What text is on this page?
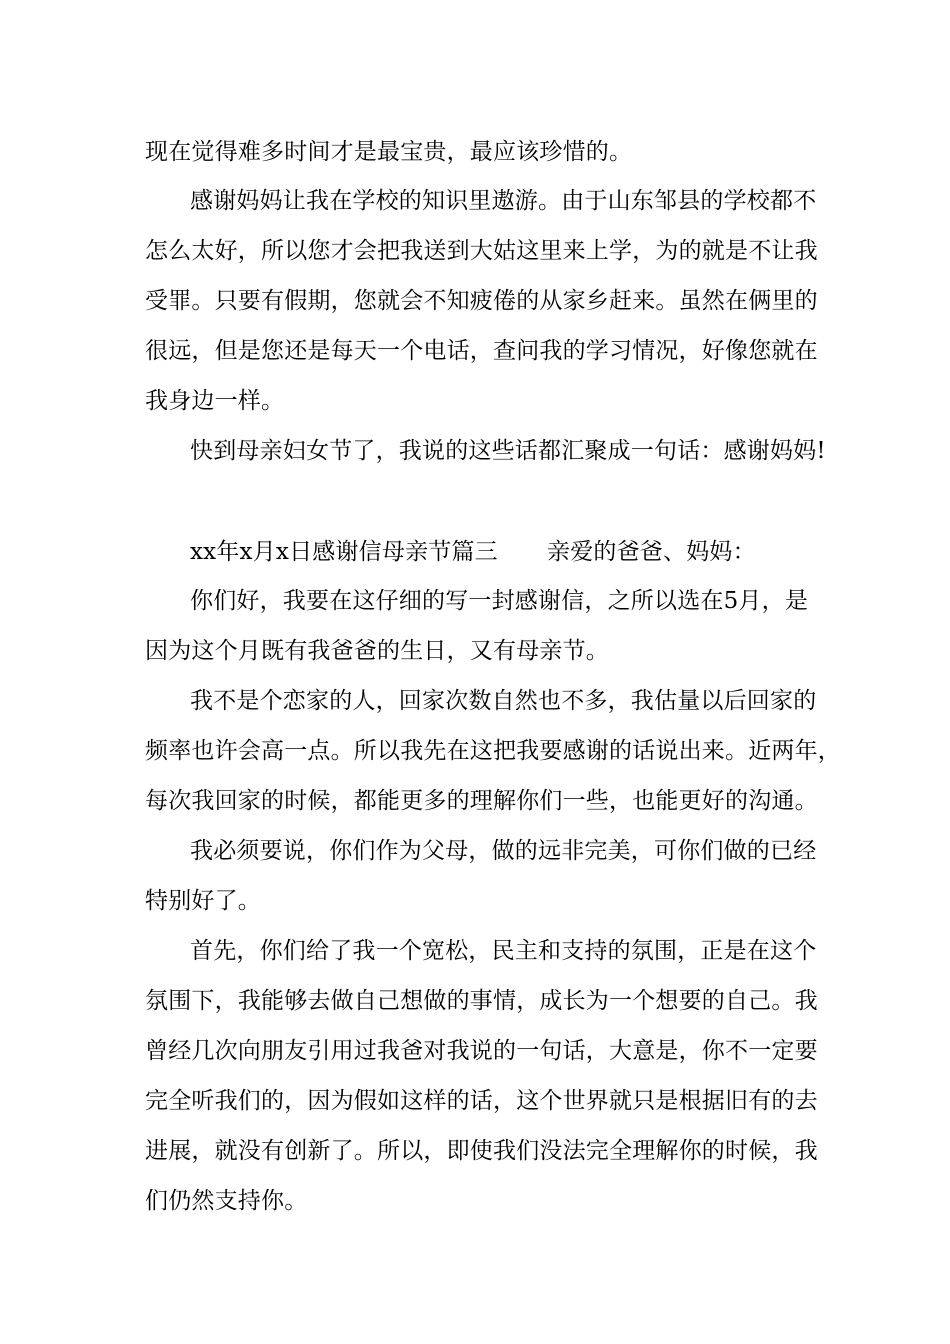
现在觉得难多时间才是最宝贵，最应该珍惜的。
感谢妈妈让我在学校的知识里遨游。由于山东邹县的学校都不
怎么太好，所以您才会把我送到大姑这里来上学，为的就是不让我
受罪。只要有假期，您就会不知疲倦的从家乡赶来。虽然在俩里的
很远，但是您还是每天一个电话，查问我的学习情况，好像您就在
我身边一样。
快到母亲妇女节了，我说的这些话都汇聚成一句话：感谢妈妈!
xx年x月x日感谢信母亲节篇三 亲爱的爸爸、妈妈：
你们好，我要在这仔细的写一封感谢信，之所以选在5月，是
因为这个月既有我爸爸的生日，又有母亲节。
我不是个恋家的人，回家次数自然也不多，我估量以后回家的
频率也许会高一点。所以我先在这把我要感谢的话说出来。近两年，
每次我回家的时候，都能更多的理解你们一些，也能更好的沟通。
我必须要说，你们作为父母，做的远非完美，可你们做的已经
特别好了。
首先，你们给了我一个宽松，民主和支持的氛围，正是在这个
氛围下，我能够去做自己想做的事情，成长为一个想要的自己。我
曾经几次向朋友引用过我爸对我说的一句话，大意是，你不一定要
完全听我们的，因为假如这样的话，这个世界就只是根据旧有的去
进展，就没有创新了。所以，即使我们没法完全理解你的时候，我
们仍然支持你。
